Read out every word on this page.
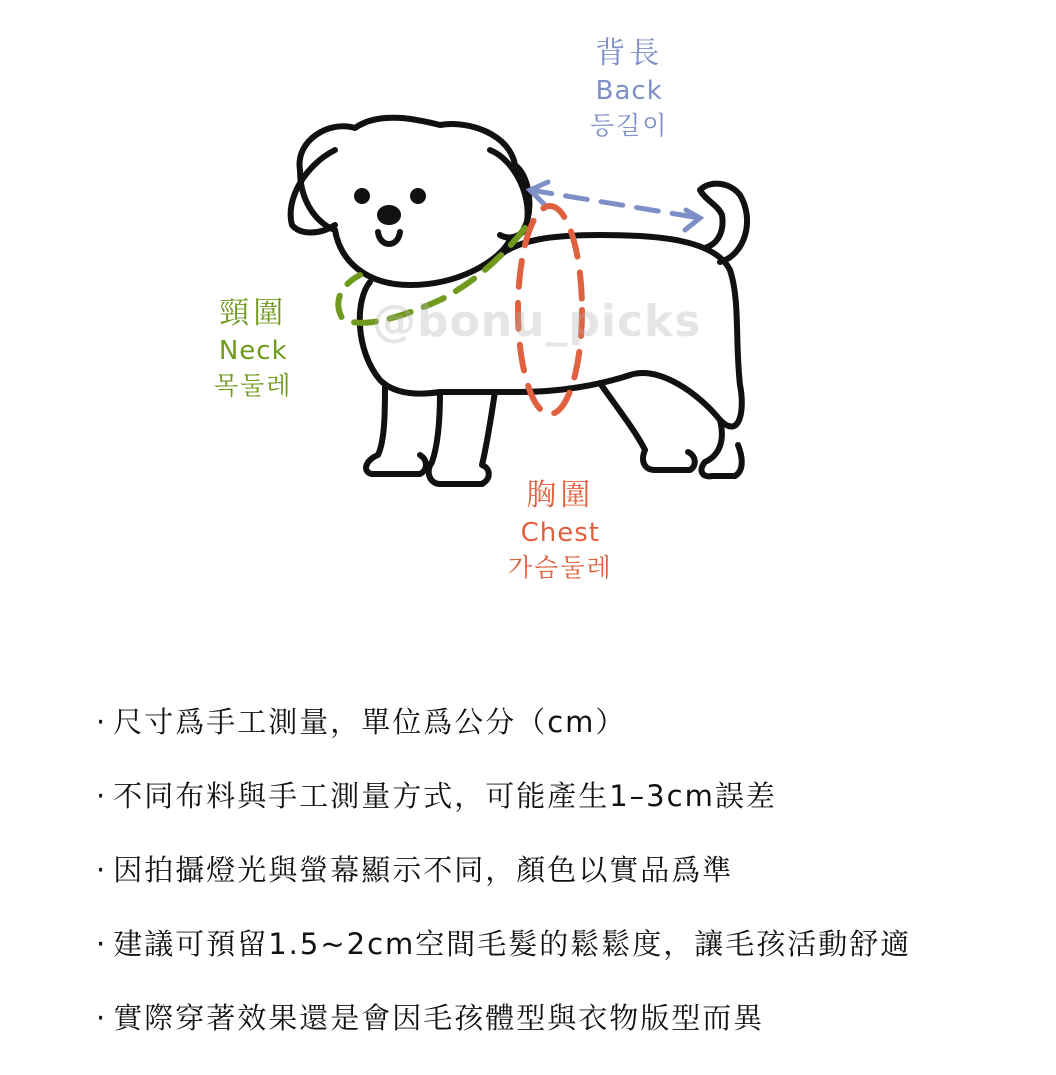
@bonu_picks
背長
Back
등길이
頸圍
Neck
목둘레
胸圍
Chest
가슴둘레
· 尺寸爲手工測量，單位爲公分（cm）
· 不同布料與手工測量方式，可能產生1–3cm誤差
· 因拍攝燈光與螢幕顯示不同，顏色以實品爲準
· 建議可預留1.5~2cm空間毛髮的鬆鬆度，讓毛孩活動舒適
· 實際穿著效果還是會因毛孩體型與衣物版型而異
